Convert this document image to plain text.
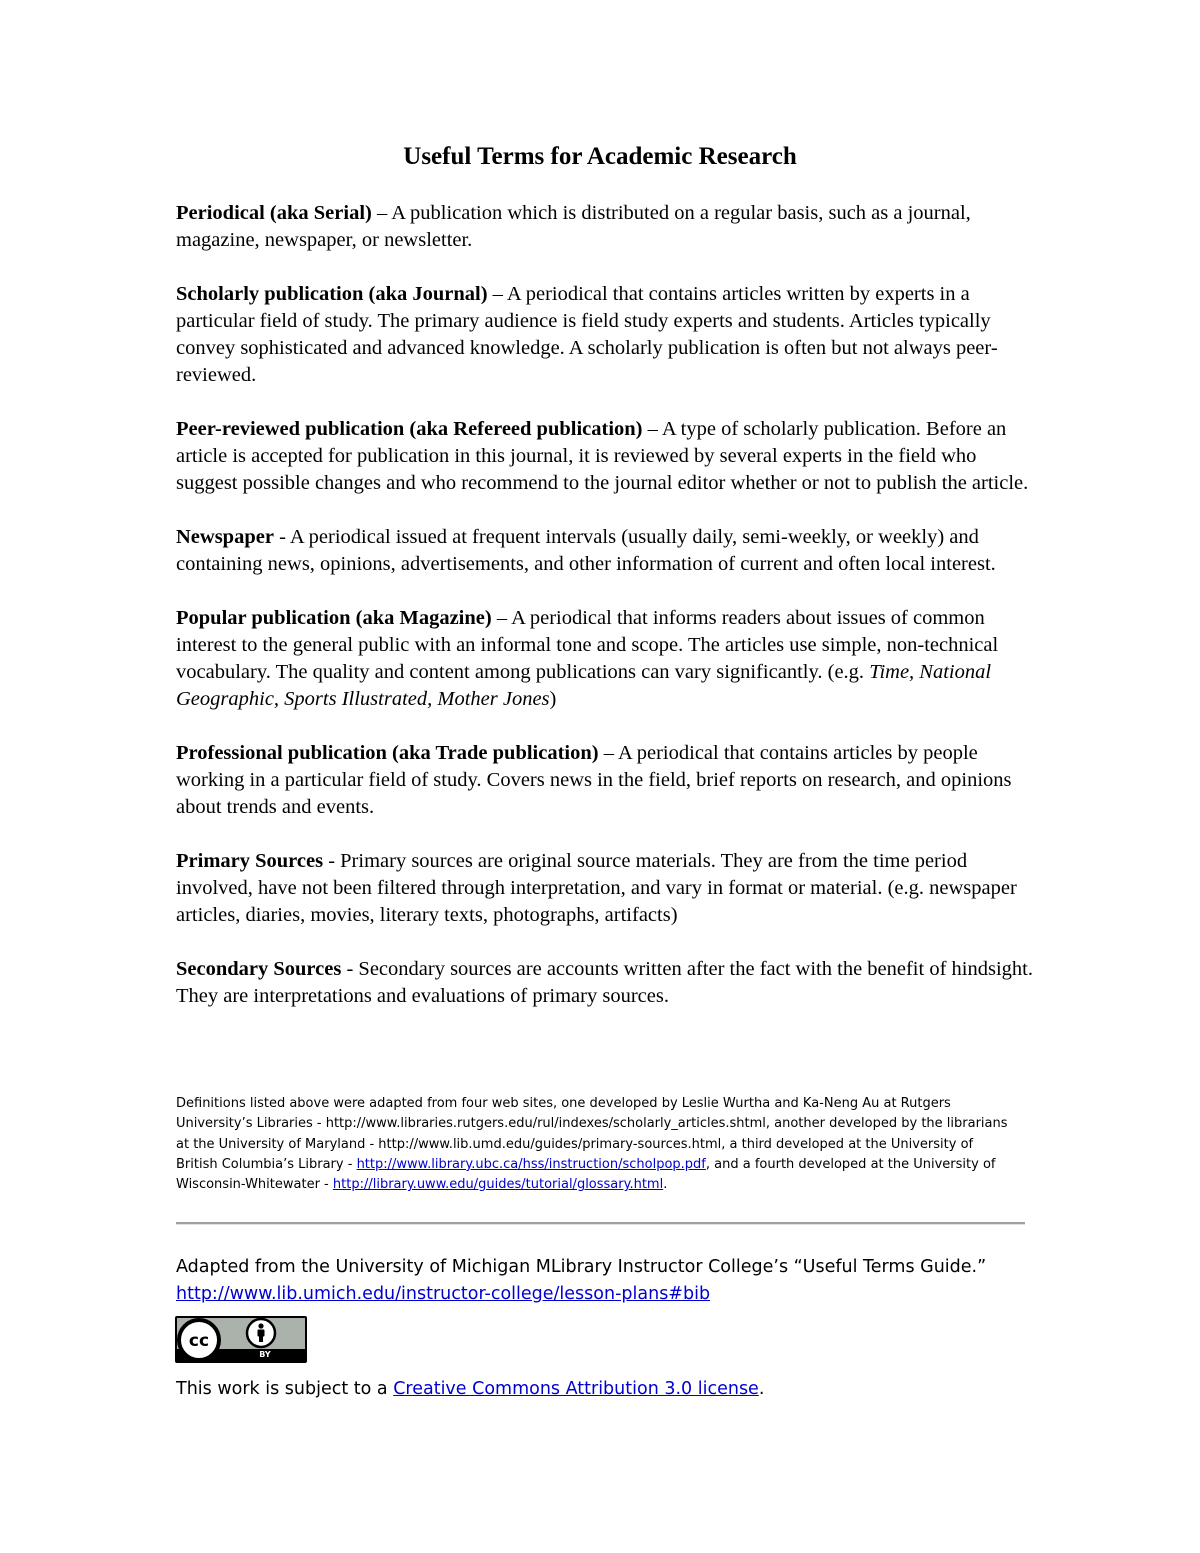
Useful Terms for Academic Research

Periodical (aka Serial) – A publication which is distributed on a regular basis, such as a journal, magazine, newspaper, or newsletter.

Scholarly publication (aka Journal) – A periodical that contains articles written by experts in a particular field of study. The primary audience is field study experts and students. Articles typically convey sophisticated and advanced knowledge. A scholarly publication is often but not always peer-reviewed.

Peer-reviewed publication (aka Refereed publication) – A type of scholarly publication. Before an article is accepted for publication in this journal, it is reviewed by several experts in the field who suggest possible changes and who recommend to the journal editor whether or not to publish the article.

Newspaper - A periodical issued at frequent intervals (usually daily, semi-weekly, or weekly) and containing news, opinions, advertisements, and other information of current and often local interest.

Popular publication (aka Magazine) – A periodical that informs readers about issues of common interest to the general public with an informal tone and scope. The articles use simple, non-technical vocabulary. The quality and content among publications can vary significantly. (e.g. Time, National Geographic, Sports Illustrated, Mother Jones)

Professional publication (aka Trade publication) – A periodical that contains articles by people working in a particular field of study. Covers news in the field, brief reports on research, and opinions about trends and events.

Primary Sources - Primary sources are original source materials. They are from the time period involved, have not been filtered through interpretation, and vary in format or material. (e.g. newspaper articles, diaries, movies, literary texts, photographs, artifacts)

Secondary Sources - Secondary sources are accounts written after the fact with the benefit of hindsight. They are interpretations and evaluations of primary sources.

Definitions listed above were adapted from four web sites, one developed by Leslie Wurtha and Ka-Neng Au at Rutgers University’s Libraries - http://www.libraries.rutgers.edu/rul/indexes/scholarly_articles.shtml, another developed by the librarians at the University of Maryland - http://www.lib.umd.edu/guides/primary-sources.html, a third developed at the University of British Columbia’s Library - http://www.library.ubc.ca/hss/instruction/scholpop.pdf, and a fourth developed at the University of Wisconsin-Whitewater - http://library.uww.edu/guides/tutorial/glossary.html.
Adapted from the University of Michigan MLibrary Instructor College’s “Useful Terms Guide.”
http://www.lib.umich.edu/instructor-college/lesson-plans#bib
cc
BY
This work is subject to a Creative Commons Attribution 3.0 license.
